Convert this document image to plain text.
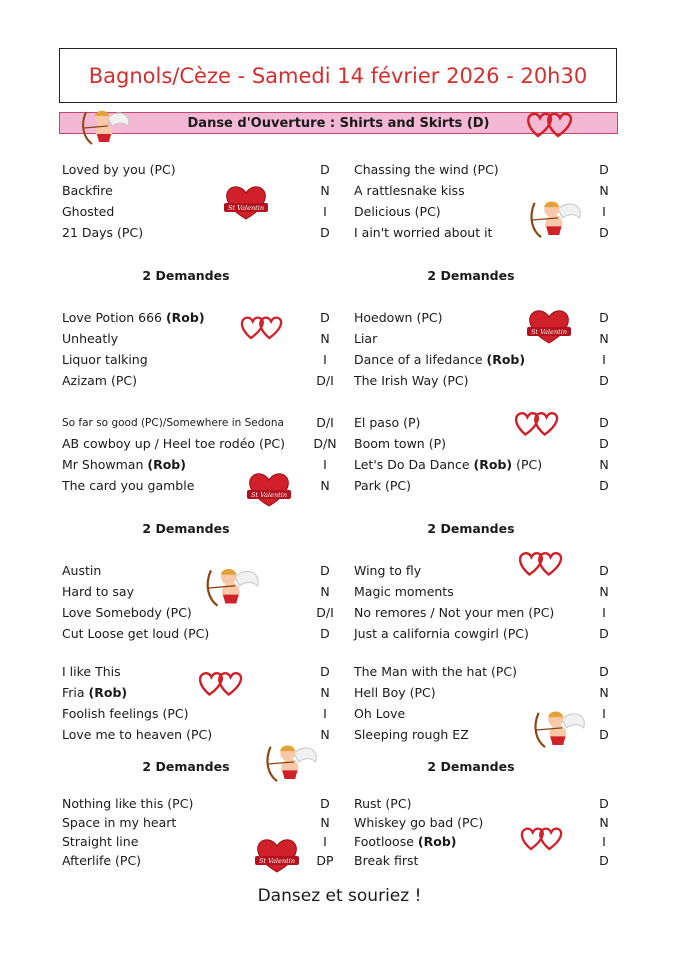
Bagnols/Cèze - Samedi 14 février 2026 - 20h30
Danse d'Ouverture : Shirts and Skirts (D)
Loved by you (PC)	D
Backfire	N
Ghosted	I
21 Days (PC)	D
Chassing the wind (PC)	D
A rattlesnake kiss	N
Delicious (PC)	I
I ain't worried about it	D
Love Potion 666 (Rob)	D
Unheatly	N
Liquor talking	I
Azizam (PC)	D/I
Hoedown (PC)	D
Liar	N
Dance of a lifedance (Rob)	I
The Irish Way (PC)	D
So far so good (PC)/Somewhere in Sedona	D/I
AB cowboy up / Heel toe rodéo (PC)	D/N
Mr Showman (Rob)	I
The card you gamble	N
El paso (P)	D
Boom town (P)	D
Let's Do Da Dance (Rob) (PC)	N
Park (PC)	D
Austin	D
Hard to say	N
Love Somebody (PC)	D/I
Cut Loose get loud (PC)	D
Wing to fly	D
Magic moments	N
No remores / Not your men (PC)	I
Just a california cowgirl (PC)	D
I like This	D
Fria (Rob)	N
Foolish feelings (PC)	I
Love me to heaven (PC)	N
The Man with the hat (PC)	D
Hell Boy (PC)	N
Oh Love	I
Sleeping rough EZ	D
Nothing like this (PC)	D
Space in my heart	N
Straight line	I
Afterlife (PC)	DP
Rust (PC)	D
Whiskey go bad (PC)	N
Footloose (Rob)	I
Break first	D
2 Demandes	2 Demandes
2 Demandes	2 Demandes
2 Demandes	2 Demandes
Dansez et souriez !
St Valentin
St Valentin
St Valentin
St Valentin
